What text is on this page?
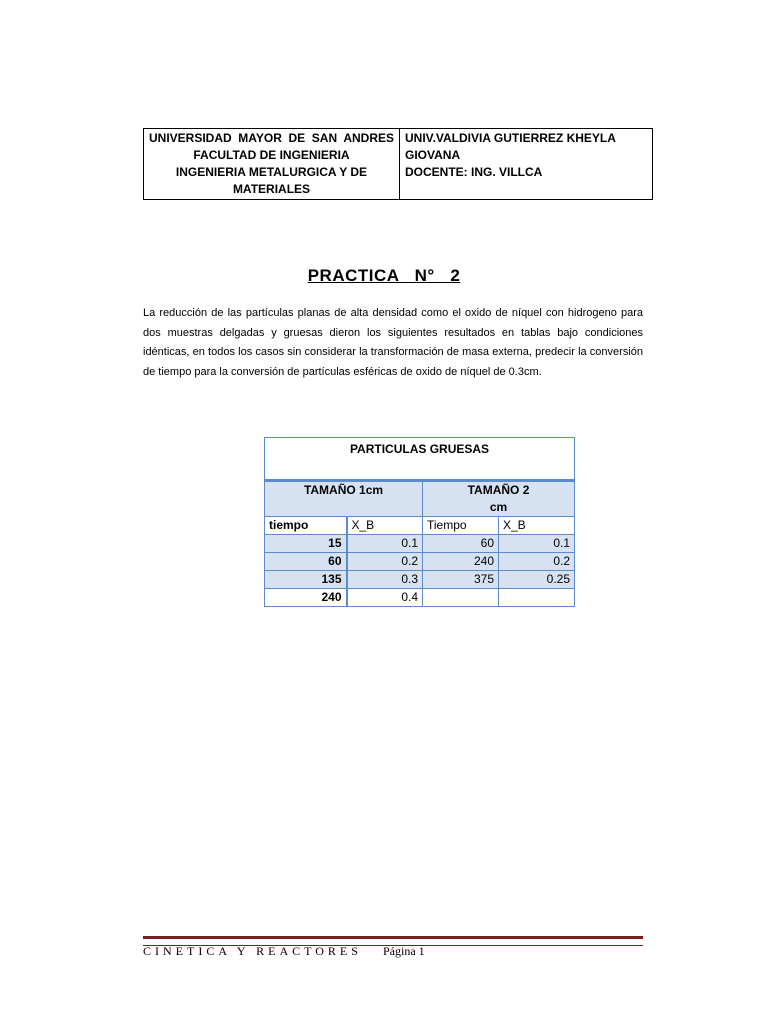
UNIVERSIDAD MAYOR DE SAN ANDRES
FACULTAD DE INGENIERIA
INGENIERIA METALURGICA Y DE
MATERIALES

UNIV.VALDIVIA GUTIERREZ KHEYLA
GIOVANA
DOCENTE: ING. VILLCA
PRACTICA   N°   2
La reducción de las partículas planas de alta densidad como el oxido de níquel con hidrogeno para dos muestras delgadas y gruesas dieron los siguientes resultados en tablas bajo condiciones idénticas, en todos los casos sin considerar la transformación de masa externa, predecir la conversión de tiempo para la conversión de partículas esféricas de oxido de níquel de 0.3cm.
PARTICULAS GRUESAS			
TAMAÑO 1cm		TAMAÑO 2
cm	

tiempo	X_B	Tiempo	X_B
15	0.1	60	0.1
60	0.2	240	0.2
135	0.3	375	0.25
240	0.4		
CINETICA Y REACTORES Página 1
